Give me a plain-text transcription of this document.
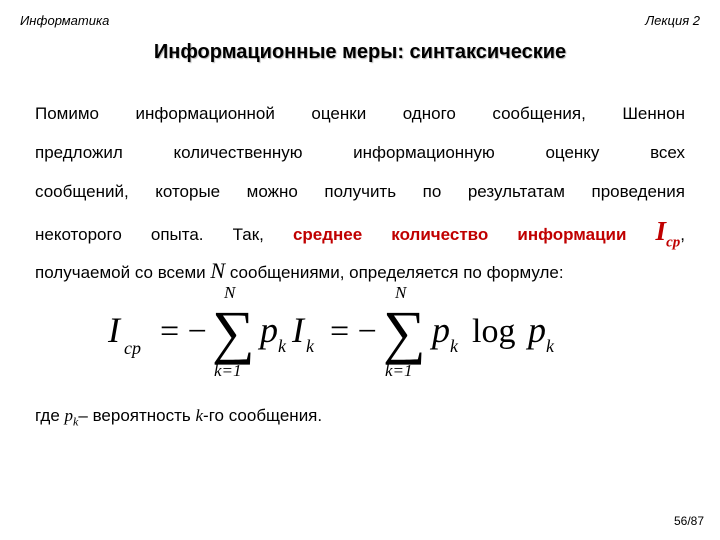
Информатика	Лекция 2
Информационные меры: синтаксические
Помимо информационной оценки одного сообщения, Шеннон
предложил количественную информационную оценку всех
сообщений, которые можно получить по результатам проведения
некоторого опыта. Так, среднее количество информации $I_{ср}$,
получаемой со всеми N сообщениями, определяется по формуле:
I ср = −
N
∑
k=1
p k I k = −
N
∑
k=1
p k log p k
где $p_k-$ вероятность k-го сообщения.
56/87
